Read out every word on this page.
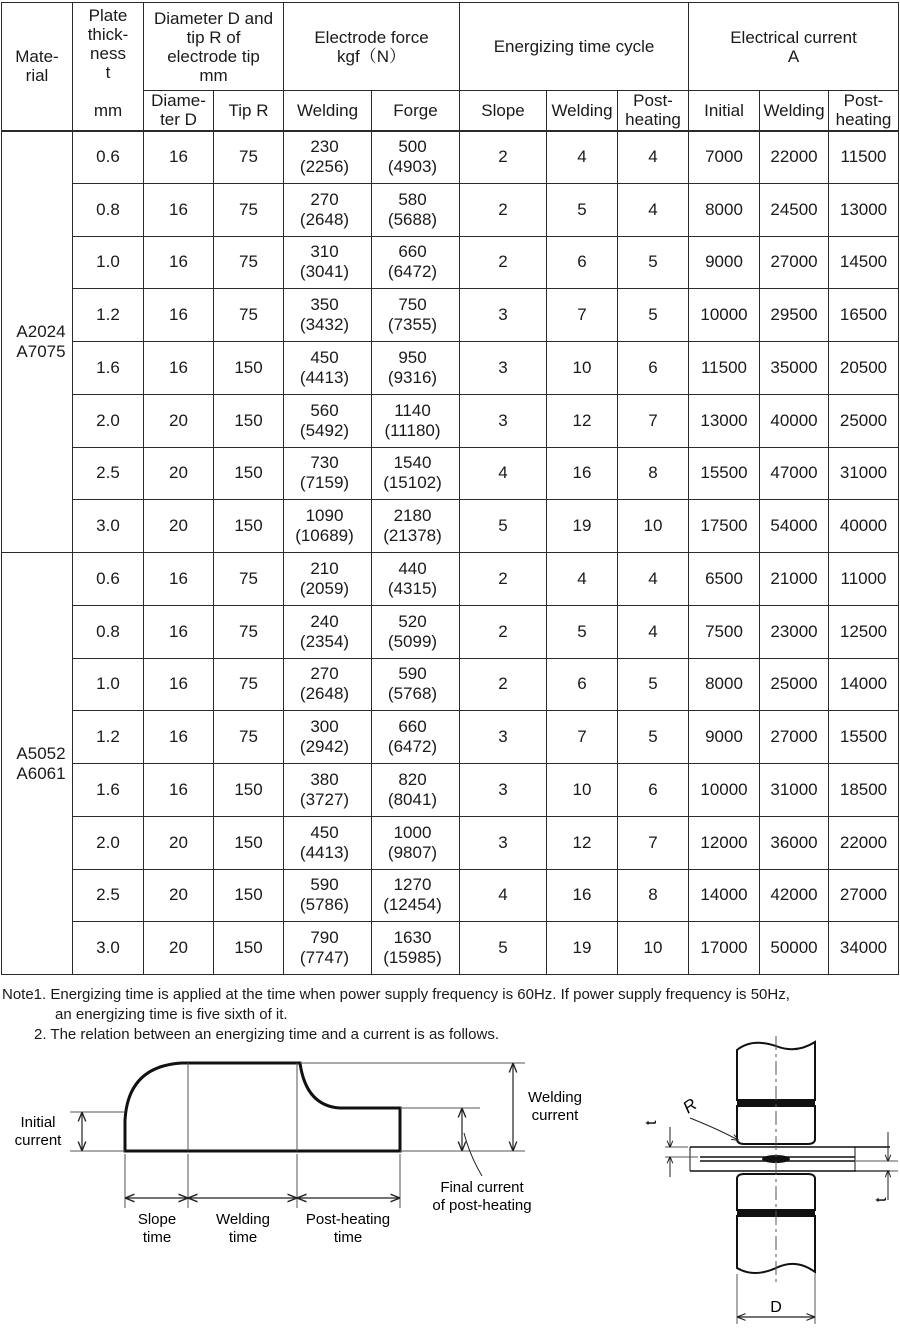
Mate-
rial	Plate
thick-
ness
t	Diameter D and
tip R of
electrode tip
mm		Electrode force
kgf（N）		Energizing time cycle			Electrical current
A		
	mm	Diame-
ter D	Tip R	Welding	Forge	Slope	Welding	Post-
heating	Initial	Welding	Post-
heating
A2024
A7075	0.6	16	75	230
(2256)	500
(4903)	2	4	4	7000	22000	11500
	0.8	16	75	270
(2648)	580
(5688)	2	5	4	8000	24500	13000
	1.0	16	75	310
(3041)	660
(6472)	2	6	5	9000	27000	14500
	1.2	16	75	350
(3432)	750
(7355)	3	7	5	10000	29500	16500
	1.6	16	150	450
(4413)	950
(9316)	3	10	6	11500	35000	20500
	2.0	20	150	560
(5492)	1140
(11180)	3	12	7	13000	40000	25000
	2.5	20	150	730
(7159)	1540
(15102)	4	16	8	15500	47000	31000
	3.0	20	150	1090
(10689)	2180
(21378)	5	19	10	17500	54000	40000
A5052
A6061	0.6	16	75	210
(2059)	440
(4315)	2	4	4	6500	21000	11000
	0.8	16	75	240
(2354)	520
(5099)	2	5	4	7500	23000	12500
	1.0	16	75	270
(2648)	590
(5768)	2	6	5	8000	25000	14000
	1.2	16	75	300
(2942)	660
(6472)	3	7	5	9000	27000	15500
	1.6	16	150	380
(3727)	820
(8041)	3	10	6	10000	31000	18500
	2.0	20	150	450
(4413)	1000
(9807)	3	12	7	12000	36000	22000
	2.5	20	150	590
(5786)	1270
(12454)	4	16	8	14000	42000	27000
	3.0	20	150	790
(7747)	1630
(15985)	5	19	10	17000	50000	34000

Note1. Energizing time is applied at the time when power supply frequency is 60Hz. If power supply frequency is 50Hz,

an energizing time is five sixth of it.

2. The relation between an energizing time and a current is as follows.

Initial current
Welding current
Final current of post-heating
Slope time
Welding time
Post-heating time
R
t
t
D
